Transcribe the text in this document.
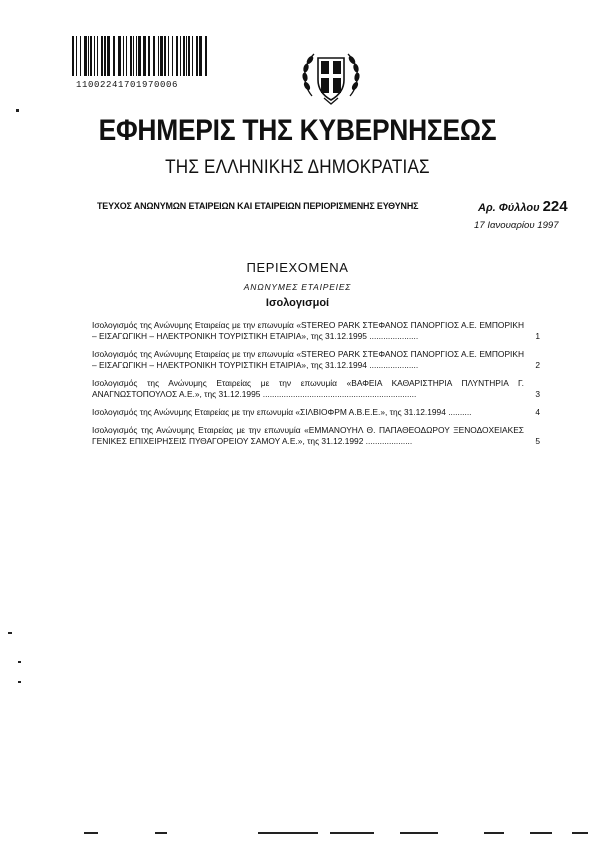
11002241701970006
ΕΦΗΜΕΡΙΣ ΤΗΣ ΚΥΒΕΡΝΗΣΕΩΣ
ΤΗΣ ΕΛΛΗΝΙΚΗΣ ΔΗΜΟΚΡΑΤΙΑΣ
ΤΕΥΧΟΣ ΑΝΩΝΥΜΩΝ ΕΤΑΙΡΕΙΩΝ ΚΑΙ ΕΤΑΙΡΕΙΩΝ ΠΕΡΙΟΡΙΣΜΕΝΗΣ ΕΥΘΥΝΗΣ	Αρ. Φύλλου 224
17 Ιανουαρίου 1997
ΠΕΡΙΕΧΟΜΕΝΑ
ΑΝΩΝΥΜΕΣ ΕΤΑΙΡΕΙΕΣ
Ισολογισμοί
Ισολογισμός της Ανώνυμης Εταιρείας με την επωνυμία «STEREO PARK ΣΤΕΦΑΝΟΣ ΠΑΝΟΡΓΙΟΣ Α.Ε. ΕΜΠΟΡΙΚΗ – ΕΙΣΑΓΩΓΙΚΗ – ΗΛΕΚΤΡΟΝΙΚΗ ΤΟΥΡΙΣΤΙΚΗ ΕΤΑΙΡΙΑ», της 31.12.1995 .....................	1
Ισολογισμός της Ανώνυμης Εταιρείας με την επωνυμία «STEREO PARK ΣΤΕΦΑΝΟΣ ΠΑΝΟΡΓΙΟΣ Α.Ε. ΕΜΠΟΡΙΚΗ – ΕΙΣΑΓΩΓΙΚΗ – ΗΛΕΚΤΡΟΝΙΚΗ ΤΟΥΡΙΣΤΙΚΗ ΕΤΑΙΡΙΑ», της 31.12.1994 .....................	2
Ισολογισμός της Ανώνυμης Εταιρείας με την επωνυμία «ΒΑΦΕΙΑ ΚΑΘΑΡΙΣΤΗΡΙΑ ΠΛΥΝΤΗΡΙΑ Γ. ΑΝΑΓΝΩΣΤΟΠΟΥΛΟΣ Α.Ε.», της 31.12.1995 ..................................................................	3
Ισολογισμός της Ανώνυμης Εταιρείας με την επωνυμία «ΣΙΛΒΙΟΦΡΜ Α.Β.Ε.Ε.», της 31.12.1994 ..........	4
Ισολογισμός της Ανώνυμης Εταιρείας με την επωνυμία «ΕΜΜΑΝΟΥΗΛ Θ. ΠΑΠΑΘΕΟΔΩΡΟΥ ΞΕΝΟΔΟΧΕΙΑΚΕΣ ΓΕΝΙΚΕΣ ΕΠΙΧΕΙΡΗΣΕΙΣ ΠΥΘΑΓΟΡΕΙΟΥ ΣΑΜΟΥ Α.Ε.», της 31.12.1992 ....................	5
